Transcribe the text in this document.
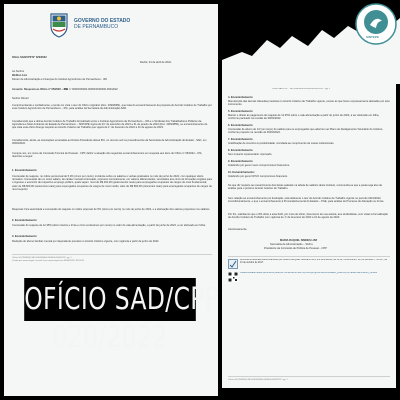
GOVERNO DO ESTADO
DE PERNAMBUCO
Ofício SAD/CPP Nº 020/2022
Recife, 04 de abril de 2022.
Ao Senhor
Wellton Lins
Diretor de Administração e Finanças do Instituto Agronômico de Pernambuco - IPA
SEI nº 0000/000000-000003/000000-000/2022
Assunto: Resposta ao Ofício nº 05/2022 – IPA
Senhor Diretor,
Cumprimentando-o cordialmente, e tendo em vista o teor do Ofício originário (Doc. 23948384), que trata do encaminhamento da proposta do Acordo Coletivo de Trabalho por esse Instituto Agronômico de Pernambuco – IPA, para análise da Secretaria de Administração-SAD.
Considerando que a última Acordo Coletivo de Trabalho formalizado entre o Instituto Agronômico de Pernambuco – IPA e o Sindicato dos Trabalhadores Públicos da Agricultura e Meio Ambiente do Estado de Pernambuco – SINTAPE vigora de 01º de setembro de 2021 a 31 de janeiro de 2022 (Doc. 23810859), se encaminhamento de que trata esta ofício diverge respeito ao Acordo Coletivo de Trabalho que vigerá de 1º de fevereiro de 2022 a 31 de agosto de 2023.
Considerando, ainda, as orientações emanadas ao Diretor-Presidente dessa IPA, no recurso sob os procedimentos da Secretaria de Administração do Estado - SAD, em 30/03/2022.
Cumpre-nos, em nome da Comissão Técnica de Pessoal - CPP, definir a atuação dos seguintes encaminhamentos em resposta aos itens do Ofício nº 05/2022 – IPA, descritos a seguir:
1. Encaminhamento:
Concessão de reajuste, no índice percentual de 5,0% (cinco por cento), incidente sobre os salários e verbas praticados no mês de junho de 2022, com qualquer efeito retroativo. Concessão de um único salário, de caráter mensal continuado, expresso nominalmente, em valores diferenciados, vinculados aos cinco de formação exigidos para o ingresso e exercício de respectivo emprego público, quais sejam: nível de R$ 400,00 (quatrocentos reais) para empregados ocupantes de cargos de nível fundamental; valor de R$ 600,00 (seiscentos reais) para empregados ocupantes de cargos de nível médio; valor de R$ 800,00 (oitocentos reais) para empregados ocupantes de cargos de nível superior.
Resposta: Fica autorizada a concessão do reajuste no índice proposto de 5% (cinco por cento) no mês de junho de 2022, e a efetivação dos valores propostos nos salários.
2. Encaminhamento:
Concessão do reajuste de 12,35% (doze inteiros e trinta e cinco centésimos por cento) no valor do vale-alimentação, a partir de junho de 2022, a ser efetivado em folha.
3. Encaminhamento:
Redução do abono familiar mensal por dependente prevista no Acordo Coletivo vigente, com vigência a partir de junho de 2022.
Ofício 04 (25/6854) SEI 0000/00000-000000-000/2022 / pg. 1
Criado por maria.riquel, versão 2 por maria.riquel em 04/04/2022 18:52:00.
OFÍCIO SAD/CPP
020/2022
SINTEPE
Ofício SAD/CPP · SEI 0000/00000-000000-000/2022 · pg. 2
4. Encaminhamento:
Manutenção das demais cláusulas previstas no Acordo Coletivo de Trabalho vigente, exceto as que forem expressamente alteradas por este instrumento.
5. Encaminhamento:
Manter o direito ao pagamento do reajuste de 12,35% sobre o vale-alimentação a partir de junho de 2022, a ser efetivado em folha, conforme pactuado na reunião de 30/03/2022.
6. Encaminhamento:
Concessão de abono de 1/3 (um terço) do salário para os empregados que aderirem ao Plano de Desligamento Voluntário do Instituto, conforme proposto na reunião de 30/03/2022.
7. Encaminhamento:
Gratificação de incentivo à produtividade, vinculada ao cumprimento de metas institucionais.
8. Encaminhamento:
Sem impacto orçamentário. Aprovado.
9. Encaminhamento:
Indeferido por gerar novos compromissos financeiros.
10. Encaminhamento:
Indeferido por gerar NOVO compromisso financeiro.
No que diz respeito ao ressarcimento das faixas salariais na tabela de salários deste Instituto, recomenda-se que a pauta seja alvo de análise para o próximo Acordo Coletivo de Trabalho.
Sem relação ao encaminhamento por ilustração, está deferente o teor do Acordo Coletivo de Trabalho vigente no período 2021/2022, incondicionalmente, e que o encaminhamento à Procuradoria-Geral do Estado – PGE, para análise do Processo de Alteração ou Fonte.
Por fim, solicitamos que o IPA oficie a esta SAD, por meio de ofício, documento de sua autoria, aos sindicalistas, com vistas à formalização do Acordo Coletivo de Trabalho com vigência de 1º de fevereiro de 2022 a 31 de agosto de 2023.
Atenciosamente,
MARIA RAQUEL SIMÕES LINS
Secretária de Administração – SAD e
Presidente da Comissão de Política de Pessoal – CPP
Documento assinado eletronicamente por MARIA RAQUEL SIMOES LINS, em 04/04/2022, às 18:52, conforme art. 10, do Decreto nº 45.157, de 13 de outubro de 2017.
A autenticidade deste documento pode ser conferida no site http://sei.pe.gov.br/sei/controlador_externo.php?acao=documento_conferir
Ofício 04 (25/6854) SEI 0000/00000-000000-000/2022 / pg. 2
